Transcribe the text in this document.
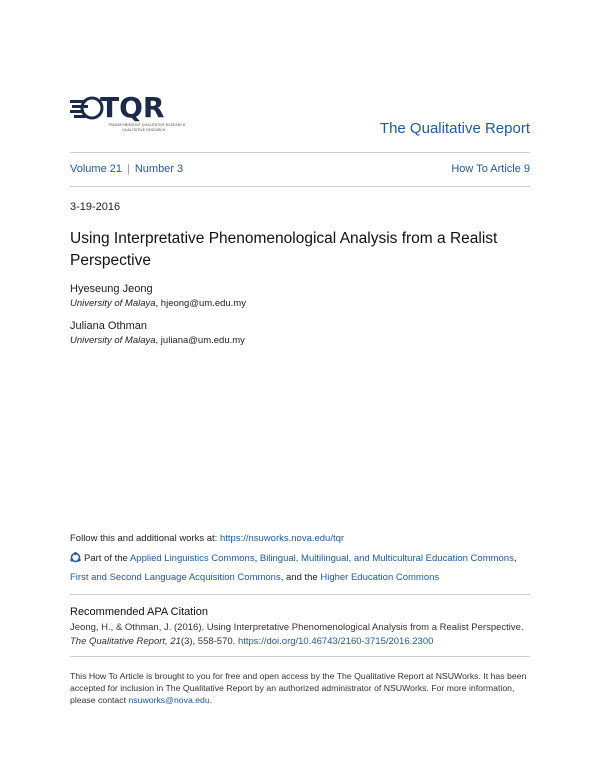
TQR
TRANSFORMATIVE QUALITATIVE RESEARCH
QUALITATIVE RESEARCH	The Qualitative Report
Volume 21 | Number 3	How To Article 9
3-19-2016
Using Interpretative Phenomenological Analysis from a Realist Perspective
Hyeseung Jeong
University of Malaya, hjeong@um.edu.my
Juliana Othman
University of Malaya, juliana@um.edu.my
Follow this and additional works at: https://nsuworks.nova.edu/tqr
Part of the Applied Linguistics Commons, Bilingual, Multilingual, and Multicultural Education Commons, First and Second Language Acquisition Commons, and the Higher Education Commons
Recommended APA Citation
Jeong, H., & Othman, J. (2016). Using Interpretative Phenomenological Analysis from a Realist Perspective. The Qualitative Report, 21(3), 558-570. https://doi.org/10.46743/2160-3715/2016.2300
This How To Article is brought to you for free and open access by the The Qualitative Report at NSUWorks. It has been accepted for inclusion in The Qualitative Report by an authorized administrator of NSUWorks. For more information, please contact nsuworks@nova.edu.
